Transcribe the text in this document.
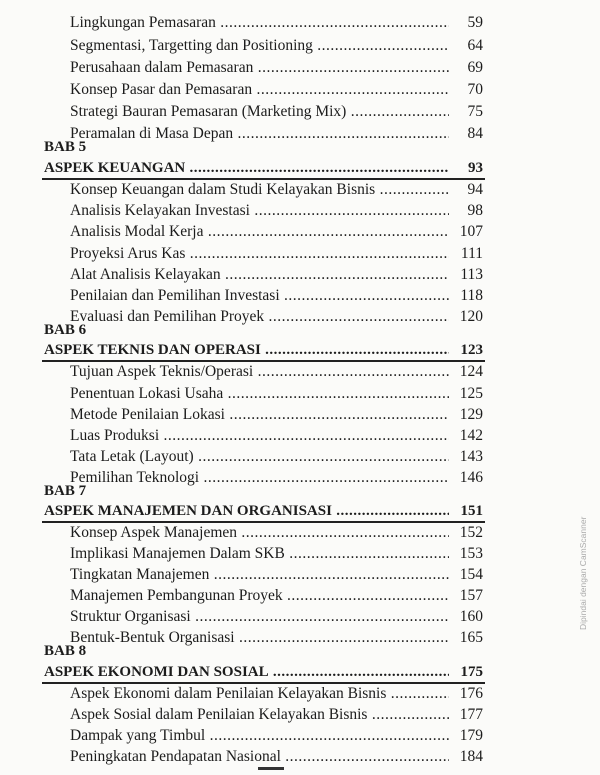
Lingkungan Pemasaran .....	59
Segmentasi, Targetting dan Positioning .....	64
Perusahaan dalam Pemasaran .....	69
Konsep Pasar dan Pemasaran .....	70
Strategi Bauran Pemasaran (Marketing Mix) .....	75
Peramalan di Masa Depan .....	84
BAB 5
ASPEK KEUANGAN .....	93
Konsep Keuangan dalam Studi Kelayakan Bisnis .....	94
Analisis Kelayakan Investasi .....	98
Analisis Modal Kerja .....	107
Proyeksi Arus Kas .....	111
Alat Analisis Kelayakan .....	113
Penilaian dan Pemilihan Investasi .....	118
Evaluasi dan Pemilihan Proyek .....	120
BAB 6
ASPEK TEKNIS DAN OPERASI .....	123
Tujuan Aspek Teknis/Operasi .....	124
Penentuan Lokasi Usaha .....	125
Metode Penilaian Lokasi .....	129
Luas Produksi .....	142
Tata Letak (Layout) .....	143
Pemilihan Teknologi .....	146
BAB 7
ASPEK MANAJEMEN DAN ORGANISASI .....	151
Konsep Aspek Manajemen .....	152
Implikasi Manajemen Dalam SKB .....	153
Tingkatan Manajemen .....	154
Manajemen Pembangunan Proyek .....	157
Struktur Organisasi .....	160
Bentuk-Bentuk Organisasi .....	165
BAB 8
ASPEK EKONOMI DAN SOSIAL .....	175
Aspek Ekonomi dalam Penilaian Kelayakan Bisnis .....	176
Aspek Sosial dalam Penilaian Kelayakan Bisnis .....	177
Dampak yang Timbul .....	179
Peningkatan Pendapatan Nasional .....	184
Dipindai dengan CamScanner
